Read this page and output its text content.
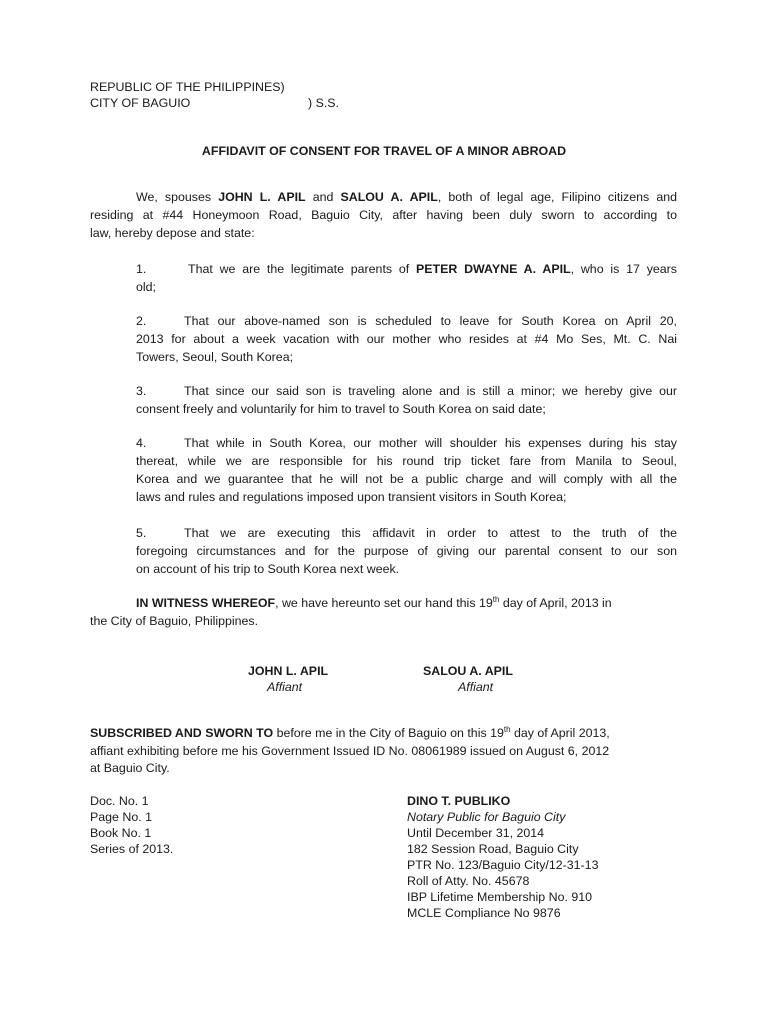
REPUBLIC OF THE PHILIPPINES)
CITY OF BAGUIO	) S.S.
AFFIDAVIT OF CONSENT FOR TRAVEL OF A MINOR ABROAD
We, spouses JOHN L. APIL and SALOU A. APIL, both of legal age, Filipino citizens and
residing at #44 Honeymoon Road, Baguio City, after having been duly sworn to according to
law, hereby depose and state:
1.	That we are the legitimate parents of PETER DWAYNE A. APIL, who is 17 years
old;
2.	That our above-named son is scheduled to leave for South Korea on April 20,
2013 for about a week vacation with our mother who resides at #4 Mo Ses, Mt. C. Nai
Towers, Seoul, South Korea;
3.	That since our said son is traveling alone and is still a minor; we hereby give our
consent freely and voluntarily for him to travel to South Korea on said date;
4.	That while in South Korea, our mother will shoulder his expenses during his stay
thereat, while we are responsible for his round trip ticket fare from Manila to Seoul,
Korea and we guarantee that he will not be a public charge and will comply with all the
laws and rules and regulations imposed upon transient visitors in South Korea;
5.	That we are executing this affidavit in order to attest to the truth of the
foregoing circumstances and for the purpose of giving our parental consent to our son
on account of his trip to South Korea next week.
IN WITNESS WHEREOF, we have hereunto set our hand this 19th day of April, 2013 in
the City of Baguio, Philippines.
JOHN L. APIL
Affiant
SALOU A. APIL
Affiant
SUBSCRIBED AND SWORN TO before me in the City of Baguio on this 19th day of April 2013,
affiant exhibiting before me his Government Issued ID No. 08061989 issued on August 6, 2012
at Baguio City.
Doc. No. 1
Page No. 1
Book No. 1
Series of 2013.
DINO T. PUBLIKO
Notary Public for Baguio City
Until December 31, 2014
182 Session Road, Baguio City
PTR No. 123/Baguio City/12-31-13
Roll of Atty. No. 45678
IBP Lifetime Membership No. 910
MCLE Compliance No 9876
